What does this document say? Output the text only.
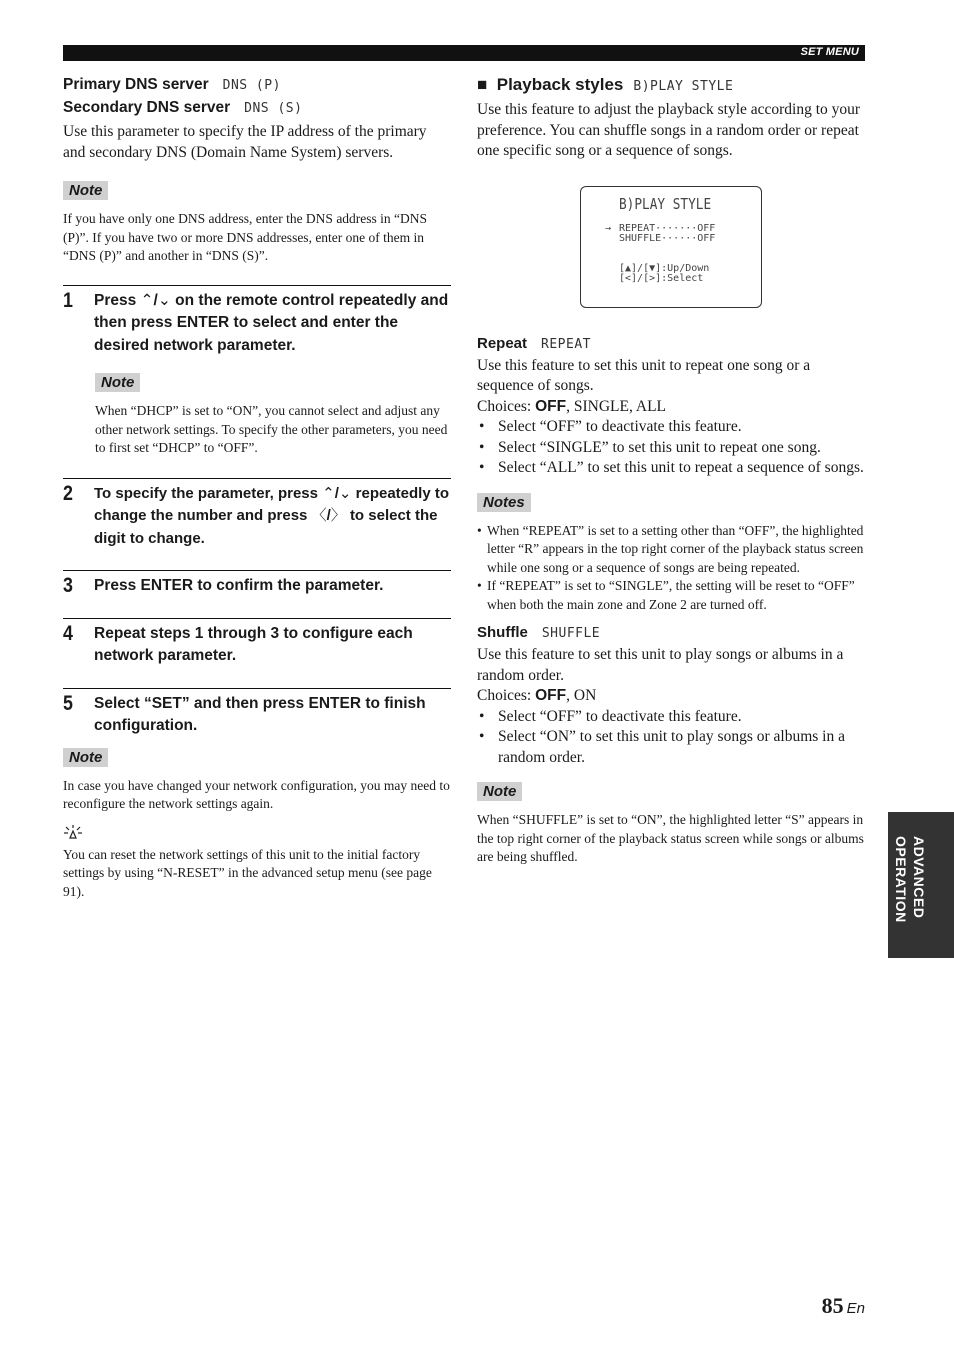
SET MENU

Primary DNS server DNS (P)

Secondary DNS server DNS (S)

Use this parameter to specify the IP address of the primary and secondary DNS (Domain Name System) servers.

Note

If you have only one DNS address, enter the DNS address in “DNS (P)”. If you have two or more DNS addresses, enter one of them in “DNS (P)” and another in “DNS (S)”.

1	Press ⌃/⌄ on the remote control repeatedly and then press ENTER to select and enter the desired network parameter.
Note

When “DHCP” is set to “ON”, you cannot select and adjust any other network settings. To specify the other parameters, you need to first set “DHCP” to “OFF”.

2	To specify the parameter, press ⌃/⌄ repeatedly to change the number and press 〈/〉 to select the digit to change.
3	Press ENTER to confirm the parameter.
4	Repeat steps 1 through 3 to configure each network parameter.
5	Select “SET” and then press ENTER to finish configuration.
Note

In case you have changed your network configuration, you may need to reconfigure the network settings again.

You can reset the network settings of this unit to the initial factory settings by using “N-RESET” in the advanced setup menu (see page 91).

■ Playback styles B)PLAY STYLE

Use this feature to adjust the playback style according to your preference. You can shuffle songs in a random order or repeat one specific song or a sequence of songs.

B)PLAY STYLE
→ REPEAT·······OFF
SHUFFLE······OFF
[▲]/[▼]:Up/Down
[<]/[>]:Select

Repeat REPEAT

Use this feature to set this unit to repeat one song or a sequence of songs.

Choices: OFF, SINGLE, ALL

• Select “OFF” to deactivate this feature.
• Select “SINGLE” to set this unit to repeat one song.
• Select “ALL” to set this unit to repeat a sequence of songs.
Notes
• When “REPEAT” is set to a setting other than “OFF”, the highlighted letter “R” appears in the top right corner of the playback status screen while one song or a sequence of songs are being repeated.
• If “REPEAT” is set to “SINGLE”, the setting will be reset to “OFF” when both the main zone and Zone 2 are turned off.

Shuffle SHUFFLE

Use this feature to set this unit to play songs or albums in a random order.

Choices: OFF, ON

• Select “OFF” to deactivate this feature.
• Select “ON” to set this unit to play songs or albums in a random order.
Note

When “SHUFFLE” is set to “ON”, the highlighted letter “S” appears in the top right corner of the playback status screen while songs or albums are being shuffled.	ADVANCED
OPERATION
85 En
